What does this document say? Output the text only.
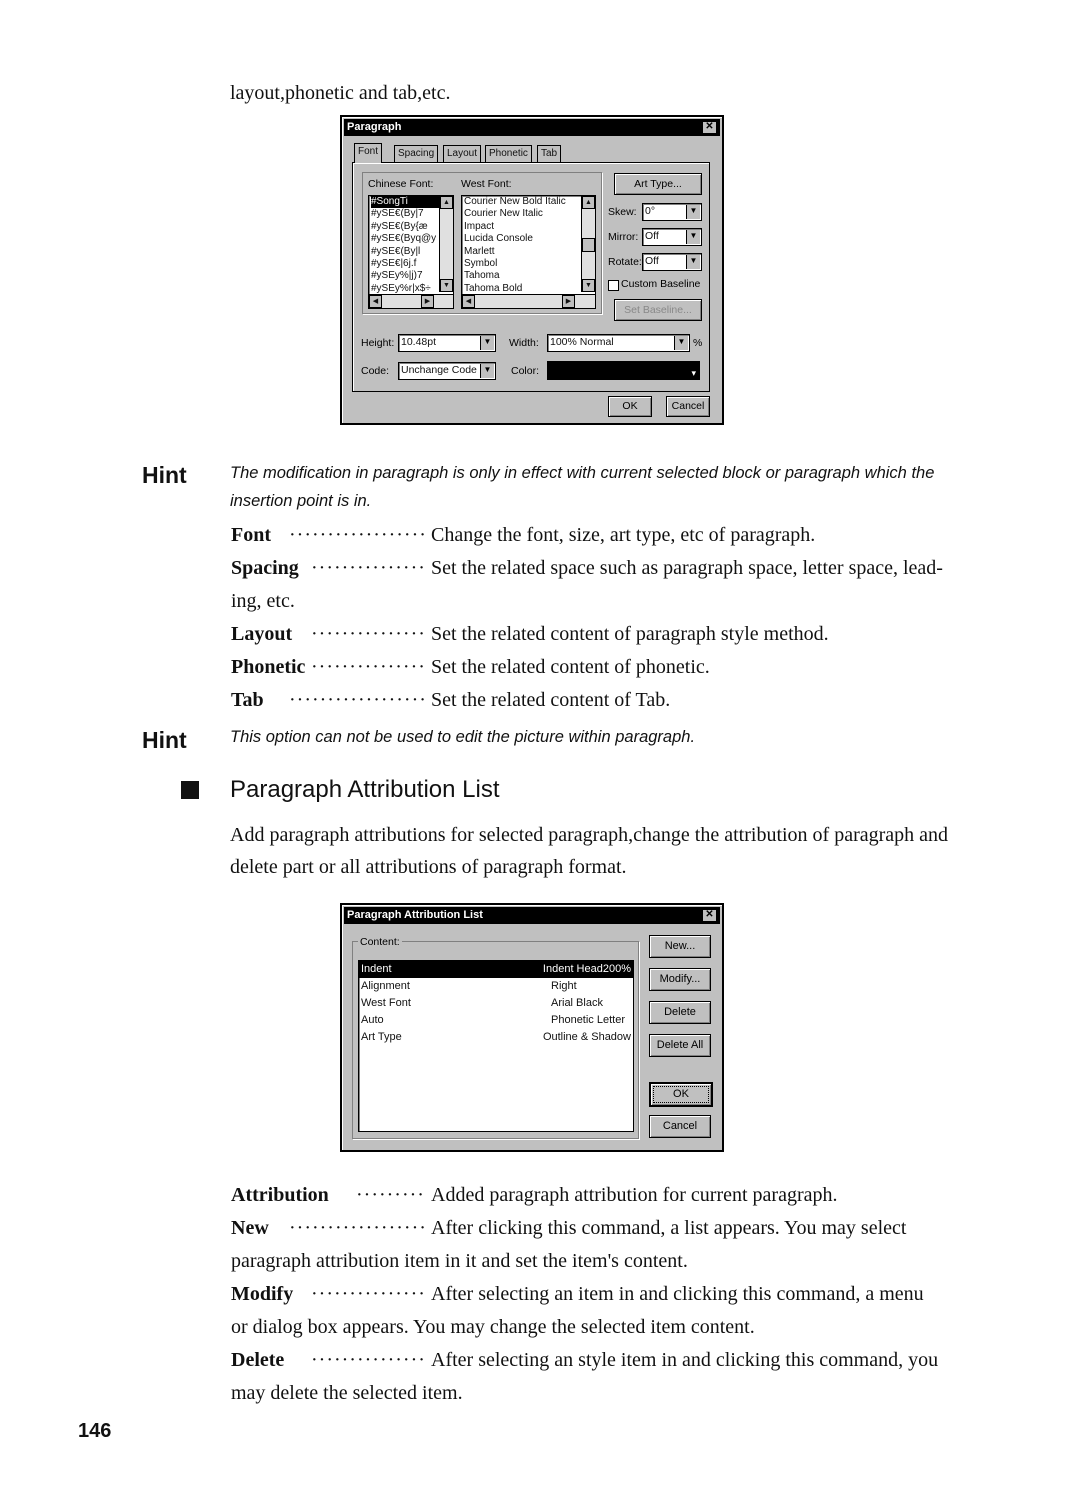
layout,phonetic and tab,etc.
Paragraph	✕
Font	Spacing	Layout	Phonetic	Tab
Chinese Font:	West Font:
#SongTi
#ySE€(By|7
#ySE€(By{æ
#ySE€(Byq@y
#ySE€(By|l
#ySE€|6j.f
#ySEy%|j)7
#ySEy%r|x$÷
▲
▼
◀	▶
Courier New Bold Italic
Courier New Italic
Impact
Lucida Console
Marlett
Symbol
Tahoma
Tahoma Bold
▲
▼
◀	▶
Art Type...
Skew: 0°	▼
Mirror: Off	▼
Rotate: Off	▼
Custom Baseline
Set Baseline...
Height: 10.48pt	▼ Width: 100% Normal	▼ %
Code: Unchange Code ▼ Color:	▾
OK	Cancel
Hint	The modification in paragraph is only in effect with current selected block or paragraph which the insertion point is in.
Font ·················· Change the font, size, art type, etc of paragraph.
Spacing ··············· Set the related space such as paragraph space, letter space, lead-
ing, etc.
Layout ··············· Set the related content of paragraph style method.
Phonetic ··············· Set the related content of phonetic.
Tab ·················· Set the related content of Tab.
Hint	This option can not be used to edit the picture within paragraph.
Paragraph Attribution List
Add paragraph attributions for selected paragraph,change the attribution of paragraph and delete part or all attributions of paragraph format.
Paragraph Attribution List	✕
Content:
Indent	Indent Head200%
Alignment	Right
West Font	Arial Black
Auto	Phonetic Letter
Art Type	Outline & Shadow
New...
Modify...
Delete
Delete All
OK
Cancel
Attribution ········· Added paragraph attribution for current paragraph.
New ·················· After clicking this command, a list appears. You may select
paragraph attribution item in it and set the item's content.
Modify ··············· After selecting an item in and clicking this command, a menu
or dialog box appears. You may change the selected item content.
Delete ··············· After selecting an style item in and clicking this command, you
may delete the selected item.
146
